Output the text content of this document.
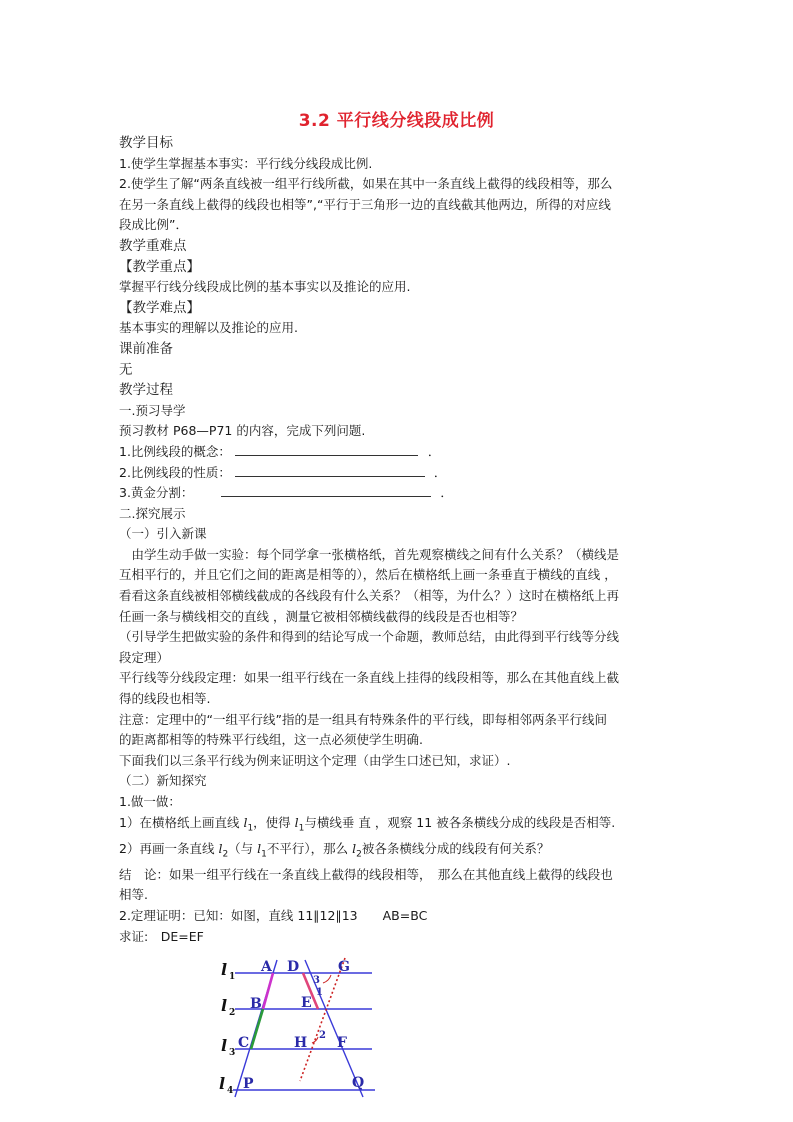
3.2 平行线分线段成比例
教学目标
1.使学生掌握基本事实：平行线分线段成比例.
2.使学生了解“两条直线被一组平行线所截，如果在其中一条直线上截得的线段相等，那么
在另一条直线上截得的线段也相等”,“平行于三角形一边的直线截其他两边，所得的对应线
段成比例”．
教学重难点
【教学重点】
掌握平行线分线段成比例的基本事实以及推论的应用.
【教学难点】
基本事实的理解以及推论的应用.
课前准备
无
教学过程
一.预习导学
预习教材 P68—P71 的内容，完成下列问题.
1.比例线段的概念：	．
2.比例线段的性质：	．
3.黄金分割：	．
二.探究展示
（一）引入新课
　由学生动手做一实验：每个同学拿一张横格纸，首先观察横线之间有什么关系？（横线是
互相平行的，并且它们之间的距离是相等的），然后在横格纸上画一条垂直于横线的直线 ，
看看这条直线被相邻横线截成的各线段有什么关系？（相等，为什么？）这时在横格纸上再
任画一条与横线相交的直线 ，测量它被相邻横线截得的线段是否也相等？
（引导学生把做实验的条件和得到的结论写成一个命题，教师总结，由此得到平行线等分线
段定理）
平行线等分线段定理：如果一组平行线在一条直线上挂得的线段相等，那么在其他直线上截
得的线段也相等.
注意：定理中的“一组平行线”指的是一组具有特殊条件的平行线，即每相邻两条平行线间
的距离都相等的特殊平行线组，这一点必须使学生明确.
下面我们以三条平行线为例来证明这个定理（由学生口述已知，求证）.
（二）新知探究
1.做一做：
1）在横格纸上画直线 $l_1$，使得 $l_1$与横线垂 直 ，观察 11 被各条横线分成的线段是否相等.
2）再画一条直线 $l_2$（与 $l_1$不平行），那么 $l_2$被各条横线分成的线段有何关系？
结　论：如果一组平行线在一条直线上截得的线段相等，　那么在其他直线上截得的线段也
相等.
2.定理证明：已知：如图，直线 11∥12∥13　　AB=BC
求证:　DE=EF
l 1
l 2
l 3
l 4
A
B
C
P
D
E
F
Q
G
H
3
1
2
